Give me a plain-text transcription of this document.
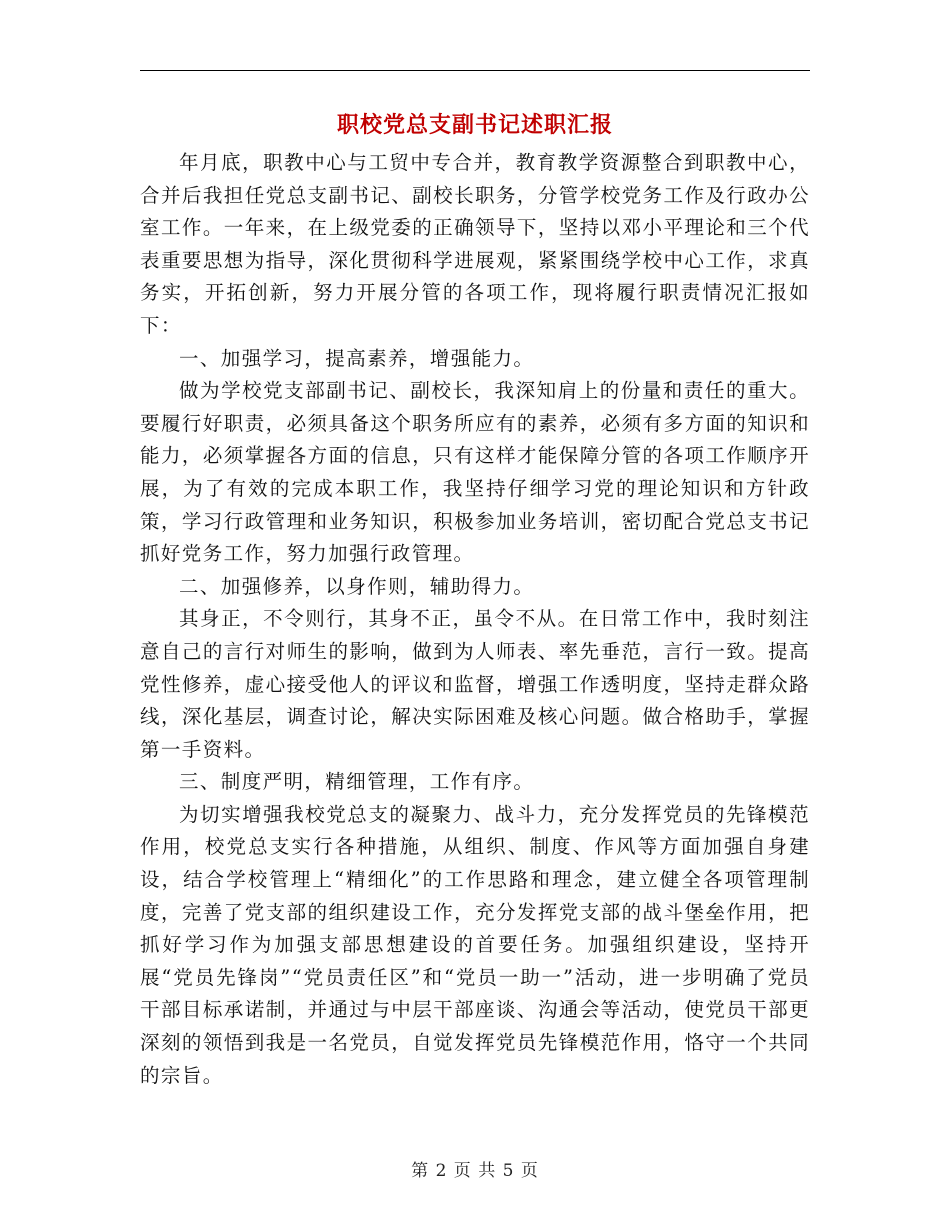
职校党总支副书记述职汇报

年月底，职教中心与工贸中专合并，教育教学资源整合到职教中心，合并后我担任党总支副书记、副校长职务，分管学校党务工作及行政办公室工作。一年来，在上级党委的正确领导下，坚持以邓小平理论和三个代表重要思想为指导，深化贯彻科学进展观，紧紧围绕学校中心工作，求真务实，开拓创新，努力开展分管的各项工作，现将履行职责情况汇报如下：

一、加强学习，提高素养，增强能力。

做为学校党支部副书记、副校长，我深知肩上的份量和责任的重大。要履行好职责，必须具备这个职务所应有的素养，必须有多方面的知识和能力，必须掌握各方面的信息，只有这样才能保障分管的各项工作顺序开展，为了有效的完成本职工作，我坚持仔细学习党的理论知识和方针政策，学习行政管理和业务知识，积极参加业务培训，密切配合党总支书记抓好党务工作，努力加强行政管理。

二、加强修养，以身作则，辅助得力。

其身正，不令则行，其身不正，虽令不从。在日常工作中，我时刻注意自己的言行对师生的影响，做到为人师表、率先垂范，言行一致。提高党性修养，虚心接受他人的评议和监督，增强工作透明度，坚持走群众路线，深化基层，调查讨论，解决实际困难及核心问题。做合格助手，掌握第一手资料。

三、制度严明，精细管理，工作有序。

为切实增强我校党总支的凝聚力、战斗力，充分发挥党员的先锋模范作用，校党总支实行各种措施，从组织、制度、作风等方面加强自身建设，结合学校管理上“精细化”的工作思路和理念，建立健全各项管理制度，完善了党支部的组织建设工作，充分发挥党支部的战斗堡垒作用，把抓好学习作为加强支部思想建设的首要任务。加强组织建设，坚持开展“党员先锋岗”“党员责任区”和“党员一助一”活动，进一步明确了党员干部目标承诺制，并通过与中层干部座谈、沟通会等活动，使党员干部更深刻的领悟到我是一名党员，自觉发挥党员先锋模范作用，恪守一个共同的宗旨。

第 2 页 共 5 页
